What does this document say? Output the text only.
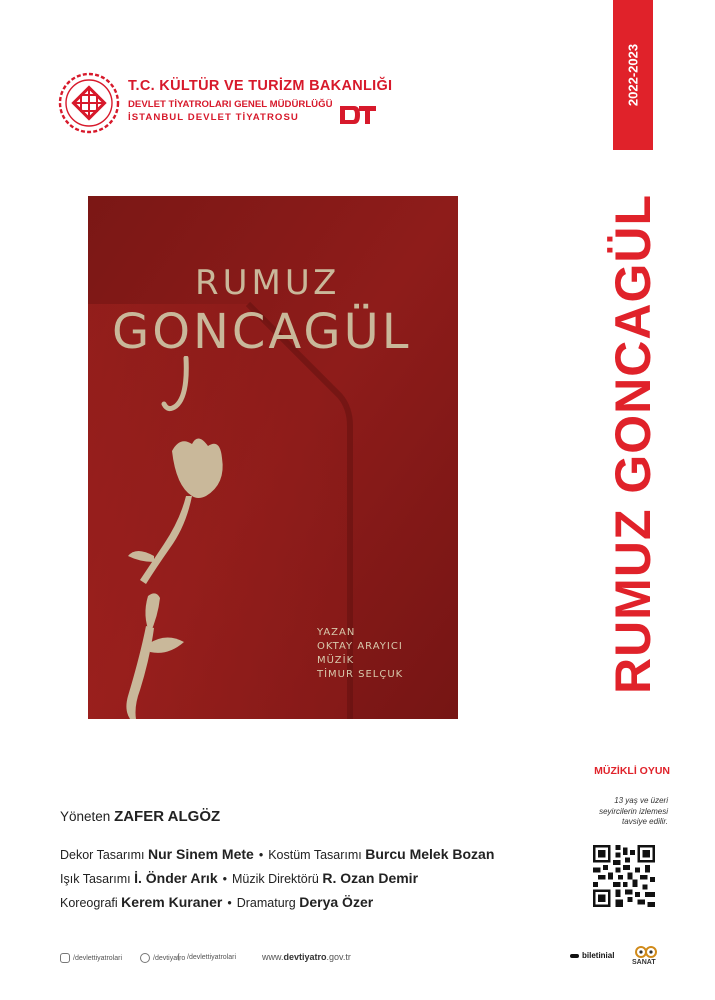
T.C. KÜLTÜR VE TURİZM BAKANLIĞI
DEVLET TİYATROLARI GENEL MÜDÜRLÜĞÜ
İSTANBUL DEVLET TİYATROSU
2022-2023
RUMUZ GONCAGÜL
MÜZİKLİ OYUN
13 yaş ve üzeri
seyircilerin izlemesi
tavsiye edilir.
RUMUZ
GONCAGÜL
YAZAN
OKTAY ARAYICI
MÜZİK
TİMUR SELÇUK
Yöneten ZAFER ALGÖZ
Dekor Tasarımı Nur Sinem Mete • Kostüm Tasarımı Burcu Melek Bozan
Işık Tasarımı İ. Önder Arık • Müzik Direktörü R. Ozan Demir
Koreografi Kerem Kuraner • Dramaturg Derya Özer
/devlettiyatrolari	/devtiyatro /devlettiyatrolari	www.devtiyatro.gov.tr	biletinial
SANAT
